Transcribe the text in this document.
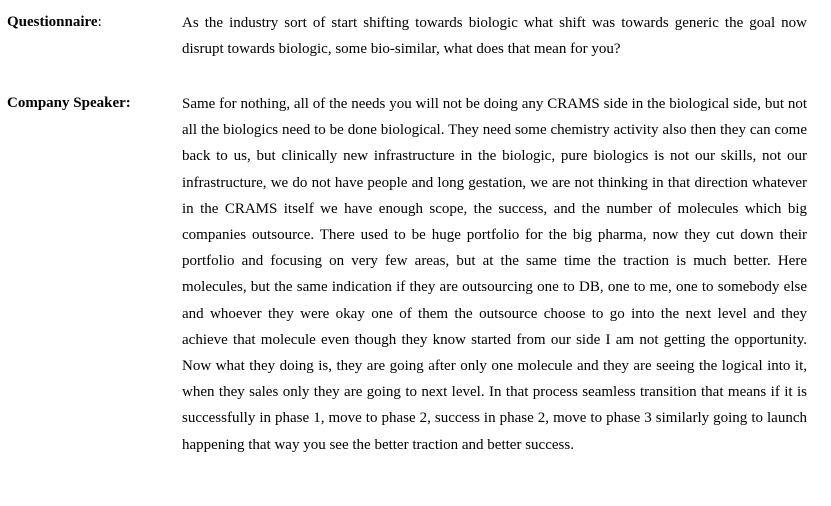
Questionnaire:	As the industry sort of start shifting towards biologic what shift was towards generic the goal now disrupt towards biologic, some bio-similar, what does that mean for you?
Company Speaker:	Same for nothing, all of the needs you will not be doing any CRAMS side in the biological side, but not all the biologics need to be done biological. They need some chemistry activity also then they can come back to us, but clinically new infrastructure in the biologic, pure biologics is not our skills, not our infrastructure, we do not have people and long gestation, we are not thinking in that direction whatever in the CRAMS itself we have enough scope, the success, and the number of molecules which big companies outsource. There used to be huge portfolio for the big pharma, now they cut down their portfolio and focusing on very few areas, but at the same time the traction is much better. Here molecules, but the same indication if they are outsourcing one to DB, one to me, one to somebody else and whoever they were okay one of them the outsource choose to go into the next level and they achieve that molecule even though they know started from our side I am not getting the opportunity. Now what they doing is, they are going after only one molecule and they are seeing the logical into it, when they sales only they are going to next level. In that process seamless transition that means if it is successfully in phase 1, move to phase 2, success in phase 2, move to phase 3 similarly going to launch happening that way you see the better traction and better success.
